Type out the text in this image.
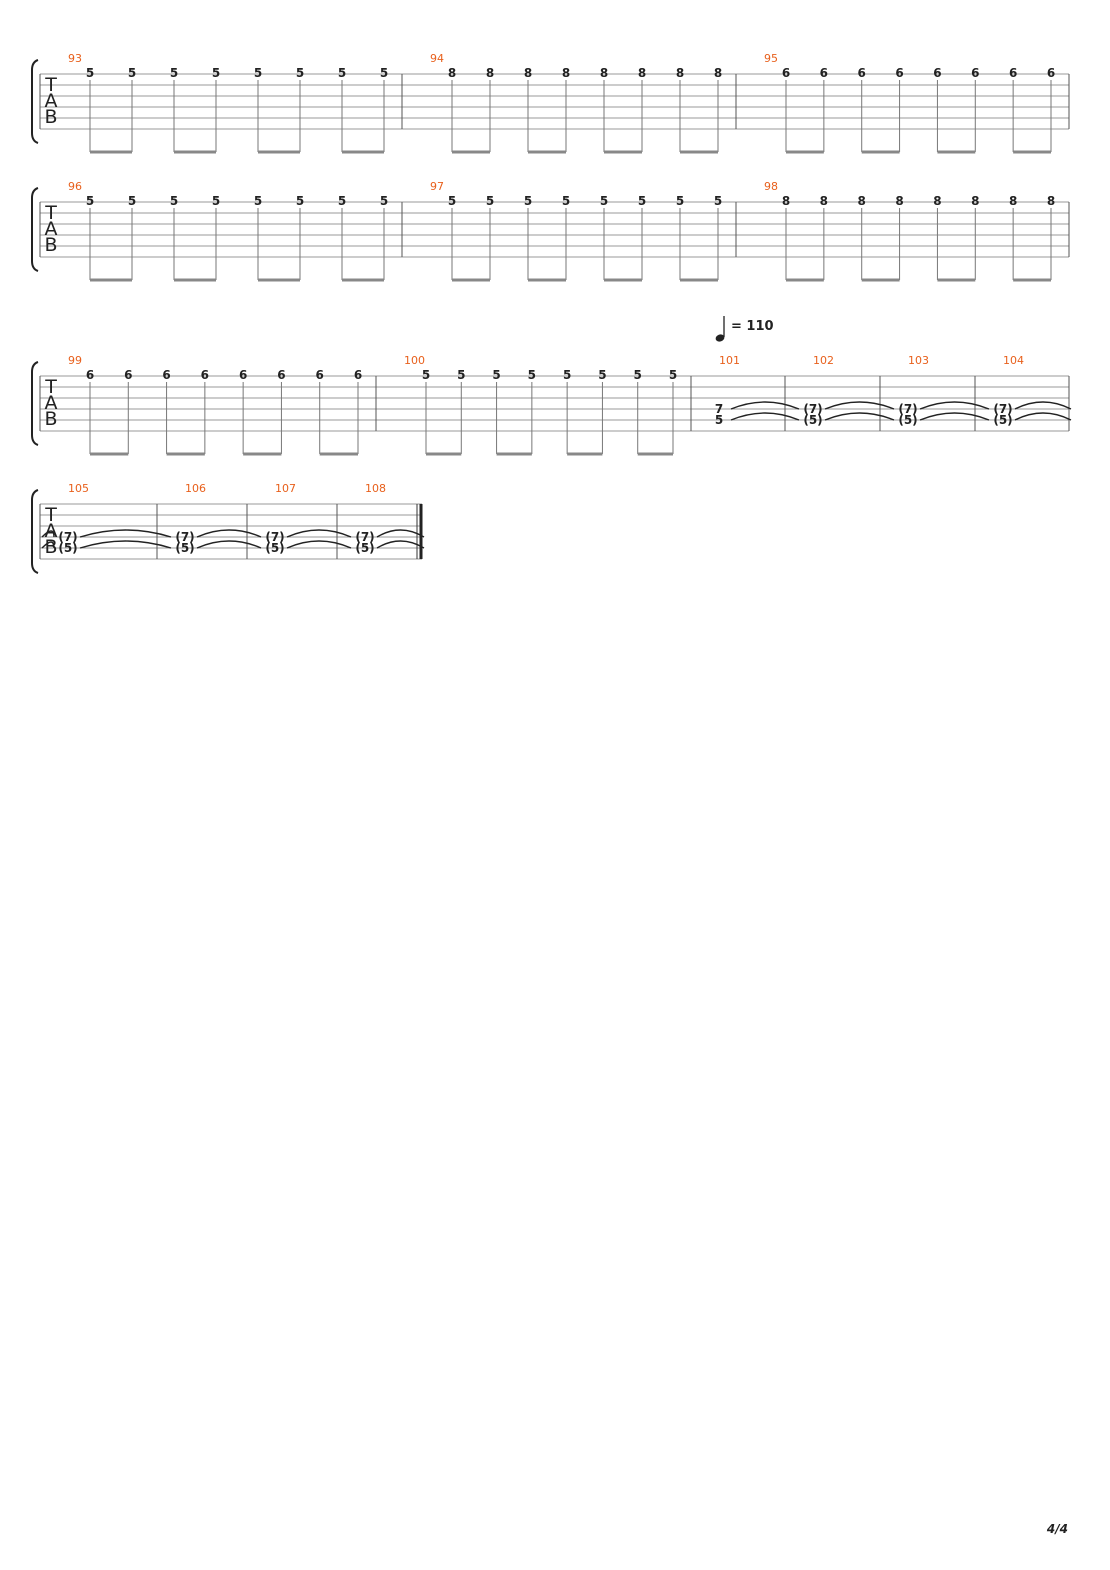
T
A
B
93
5	5	5	5	5	5	5	5
94
8 8 8 8 8 8 8 8
95
6 6 6 6 6 6 6 6
T
A
B
96
5	5	5	5	5	5	5	5
97
5 5 5 5 5 5 5 5
98
8 8 8 8 8 8 8 8
T
A
B
99
6 6 6 6 6 6 6 6
100
5 5 5 5 5 5 5 5
101
7
5
102
(7)
(5)
103
(7)
(5)
104
(7)
(5)
= 110
T
A
B
105
(7)
(5)
106
(7)
(5)
107
(7)
(5)
108
(7)
(5)
4/4
